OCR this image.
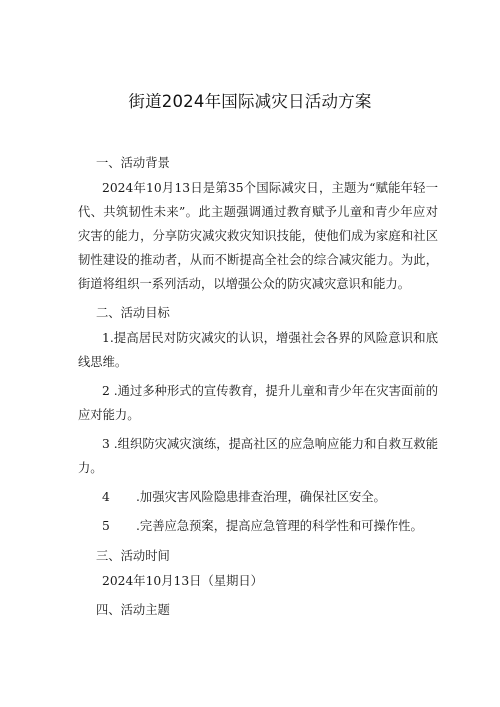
街道2024年国际减灾日活动方案
一、活动背景
2024年10月13日是第35个国际减灾日，主题为“赋能年轻一代、共筑韧性未来”。此主题强调通过教育赋予儿童和青少年应对灾害的能力，分享防灾减灾救灾知识技能，使他们成为家庭和社区韧性建设的推动者，从而不断提高全社会的综合减灾能力。为此，街道将组织一系列活动，以增强公众的防灾减灾意识和能力。
二、活动目标
1.提高居民对防灾减灾的认识，增强社会各界的风险意识和底线思维。
2 .通过多种形式的宣传教育，提升儿童和青少年在灾害面前的应对能力。
3 .组织防灾减灾演练，提高社区的应急响应能力和自救互救能力。
4 .加强灾害风险隐患排查治理，确保社区安全。
5 .完善应急预案，提高应急管理的科学性和可操作性。
三、活动时间
2024年10月13日（星期日）
四、活动主题
